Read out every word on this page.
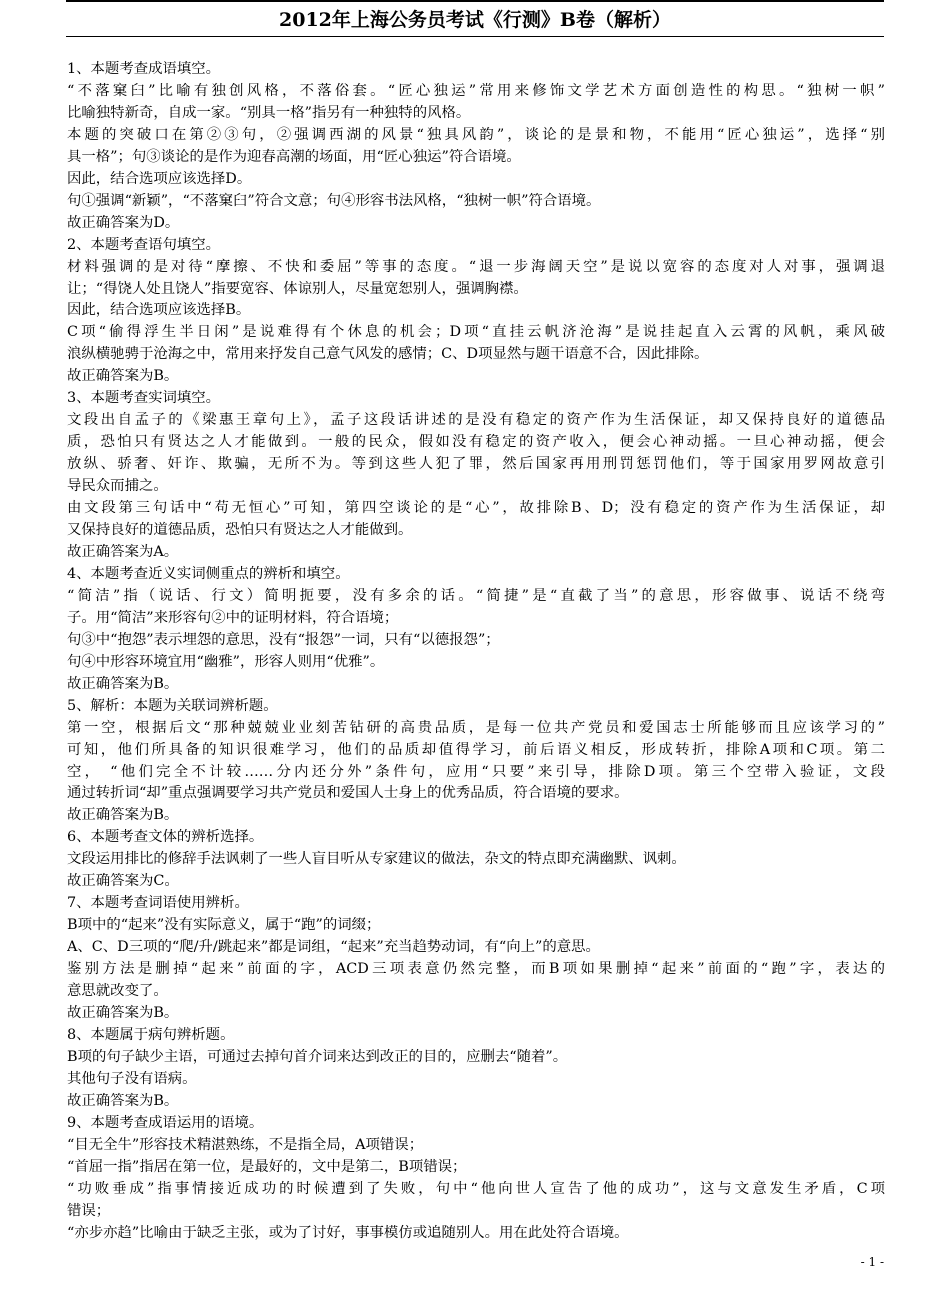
2012年上海公务员考试《行测》B卷（解析）
1、本题考查成语填空。
“不落窠臼”比喻有独创风格，不落俗套。“匠心独运”常用来修饰文学艺术方面创造性的构思。“独树一帜”
比喻独特新奇，自成一家。“别具一格”指另有一种独特的风格。
本题的突破口在第②③句，②强调西湖的风景“独具风韵”，谈论的是景和物，不能用“匠心独运”，选择“别
具一格”；句③谈论的是作为迎春高潮的场面，用“匠心独运”符合语境。
因此，结合选项应该选择D。
句①强调“新颖”，“不落窠臼”符合文意；句④形容书法风格，“独树一帜”符合语境。
故正确答案为D。
2、本题考查语句填空。
材料强调的是对待“摩擦、不快和委屈”等事的态度。“退一步海阔天空”是说以宽容的态度对人对事，强调退
让；“得饶人处且饶人”指要宽容、体谅别人，尽量宽恕别人，强调胸襟。
因此，结合选项应该选择B。
C项“偷得浮生半日闲”是说难得有个休息的机会；D项“直挂云帆济沧海”是说挂起直入云霄的风帆，乘风破
浪纵横驰骋于沧海之中，常用来抒发自己意气风发的感情；C、D项显然与题干语意不合，因此排除。
故正确答案为B。
3、本题考查实词填空。
文段出自孟子的《梁惠王章句上》，孟子这段话讲述的是没有稳定的资产作为生活保证，却又保持良好的道德品
质，恐怕只有贤达之人才能做到。一般的民众，假如没有稳定的资产收入，便会心神动摇。一旦心神动摇，便会
放纵、骄奢、奸诈、欺骗，无所不为。等到这些人犯了罪，然后国家再用刑罚惩罚他们，等于国家用罗网故意引
导民众而捕之。
由文段第三句话中“苟无恒心”可知，第四空谈论的是“心”，故排除B、D；没有稳定的资产作为生活保证，却
又保持良好的道德品质，恐怕只有贤达之人才能做到。
故正确答案为A。
4、本题考查近义实词侧重点的辨析和填空。
“简洁”指（说话、行文）简明扼要，没有多余的话。“简捷”是“直截了当”的意思，形容做事、说话不绕弯
子。用“简洁”来形容句②中的证明材料，符合语境；
句③中“抱怨”表示埋怨的意思，没有“报怨”一词，只有“以德报怨”；
句④中形容环境宜用“幽雅”，形容人则用“优雅”。
故正确答案为B。
5、解析：本题为关联词辨析题。
第一空，根据后文“那种兢兢业业刻苦钻研的高贵品质，是每一位共产党员和爱国志士所能够而且应该学习的”
可知，他们所具备的知识很难学习，他们的品质却值得学习，前后语义相反，形成转折，排除A项和C项。第二
空， “他们完全不计较……分内还分外”条件句，应用“只要”来引导，排除D项。第三个空带入验证，文段
通过转折词“却”重点强调要学习共产党员和爱国人士身上的优秀品质，符合语境的要求。
故正确答案为B。
6、本题考查文体的辨析选择。
文段运用排比的修辞手法讽刺了一些人盲目听从专家建议的做法，杂文的特点即充满幽默、讽刺。
故正确答案为C。
7、本题考查词语使用辨析。
B项中的“起来”没有实际意义，属于“跑”的词缀；
A、C、D三项的“爬/升/跳起来”都是词组，“起来”充当趋势动词，有“向上”的意思。
鉴别方法是删掉“起来”前面的字，ACD三项表意仍然完整，而B项如果删掉“起来”前面的“跑”字，表达的
意思就改变了。
故正确答案为B。
8、本题属于病句辨析题。
B项的句子缺少主语，可通过去掉句首介词来达到改正的目的，应删去“随着”。
其他句子没有语病。
故正确答案为B。
9、本题考查成语运用的语境。
“目无全牛”形容技术精湛熟练，不是指全局，A项错误；
“首屈一指”指居在第一位，是最好的，文中是第二，B项错误；
“功败垂成”指事情接近成功的时候遭到了失败，句中“他向世人宣告了他的成功”，这与文意发生矛盾，C项
错误；
“亦步亦趋”比喻由于缺乏主张，或为了讨好，事事模仿或追随别人。用在此处符合语境。
- 1 -
